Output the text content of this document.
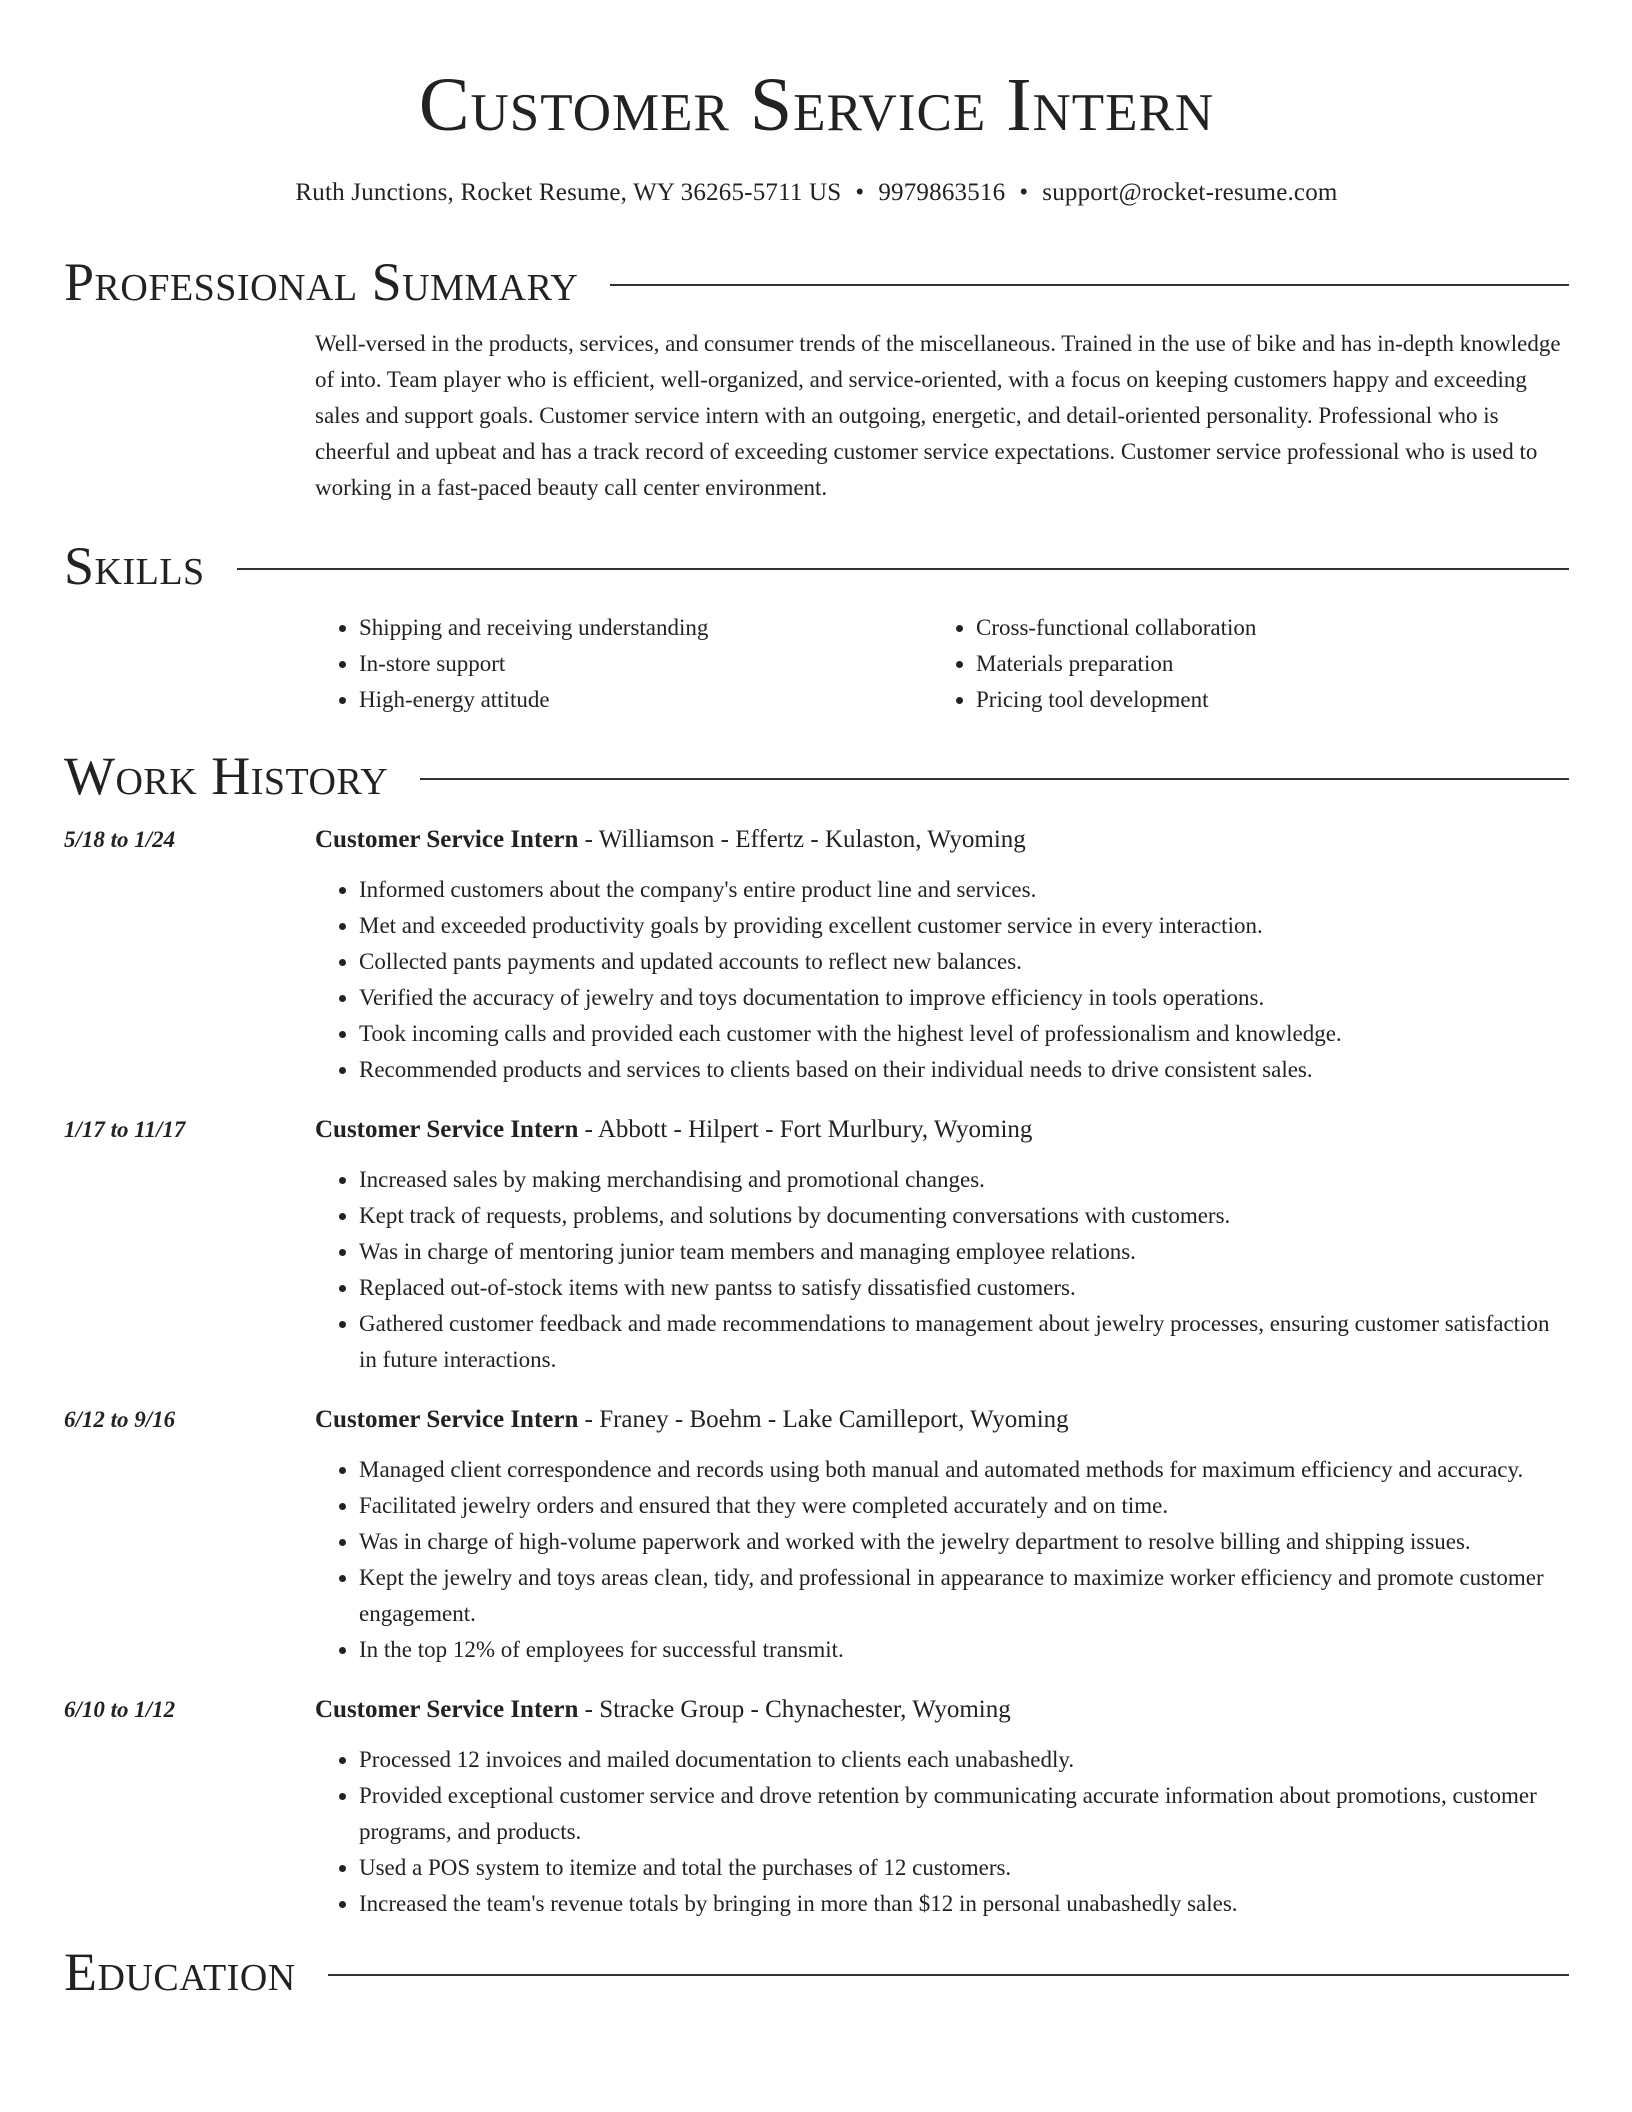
Customer Service Intern
Ruth Junctions, Rocket Resume, WY 36265-5711 US • 9979863516 • support@rocket-resume.com
Professional Summary

Well-versed in the products, services, and consumer trends of the miscellaneous. Trained in the use of bike and has in-depth knowledge of into. Team player who is efficient, well-organized, and service-oriented, with a focus on keeping customers happy and exceeding sales and support goals. Customer service intern with an outgoing, energetic, and detail-oriented personality. Professional who is cheerful and upbeat and has a track record of exceeding customer service expectations. Customer service professional who is used to working in a fast-paced beauty call center environment.

Skills
• Shipping and receiving understanding
• In-store support
• High-energy attitude
• Cross-functional collaboration
• Materials preparation
• Pricing tool development
Work History
5/18 to 1/24	Customer Service Intern - Williamson - Effertz - Kulaston, Wyoming
• Informed customers about the company's entire product line and services.
• Met and exceeded productivity goals by providing excellent customer service in every interaction.
• Collected pants payments and updated accounts to reflect new balances.
• Verified the accuracy of jewelry and toys documentation to improve efficiency in tools operations.
• Took incoming calls and provided each customer with the highest level of professionalism and knowledge.
• Recommended products and services to clients based on their individual needs to drive consistent sales.
1/17 to 11/17	Customer Service Intern - Abbott - Hilpert - Fort Murlbury, Wyoming
• Increased sales by making merchandising and promotional changes.
• Kept track of requests, problems, and solutions by documenting conversations with customers.
• Was in charge of mentoring junior team members and managing employee relations.
• Replaced out-of-stock items with new pantss to satisfy dissatisfied customers.
• Gathered customer feedback and made recommendations to management about jewelry processes, ensuring customer satisfaction in future interactions.
6/12 to 9/16	Customer Service Intern - Franey - Boehm - Lake Camilleport, Wyoming
• Managed client correspondence and records using both manual and automated methods for maximum efficiency and accuracy.
• Facilitated jewelry orders and ensured that they were completed accurately and on time.
• Was in charge of high-volume paperwork and worked with the jewelry department to resolve billing and shipping issues.
• Kept the jewelry and toys areas clean, tidy, and professional in appearance to maximize worker efficiency and promote customer engagement.
• In the top 12% of employees for successful transmit.
6/10 to 1/12	Customer Service Intern - Stracke Group - Chynachester, Wyoming
• Processed 12 invoices and mailed documentation to clients each unabashedly.
• Provided exceptional customer service and drove retention by communicating accurate information about promotions, customer programs, and products.
• Used a POS system to itemize and total the purchases of 12 customers.
• Increased the team's revenue totals by bringing in more than $12 in personal unabashedly sales.
Education
